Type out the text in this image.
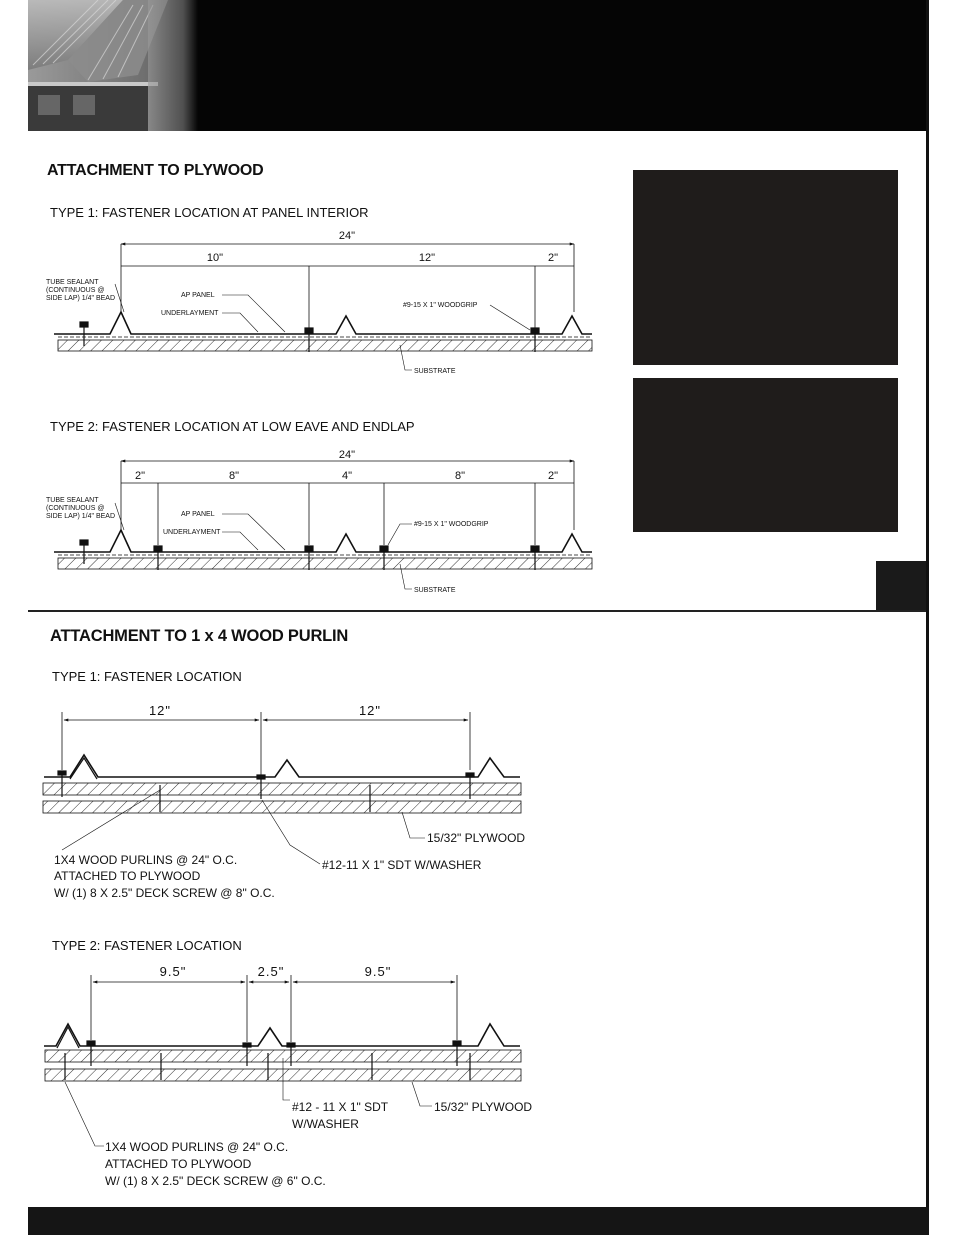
ATTACHMENT TO PLYWOOD
TYPE 1: FASTENER LOCATION AT PANEL INTERIOR
TYPE 2: FASTENER LOCATION AT LOW EAVE AND ENDLAP
ATTACHMENT TO 1 x 4 WOOD PURLIN
TYPE 1: FASTENER LOCATION
TYPE 2: FASTENER LOCATION
24"
10"	12"	2"
TUBE SEALANT
(CONTINUOUS @
SIDE LAP) 1/4" BEAD	AP PANEL
UNDERLAYMENT
#9-15 X 1" WOODGRIP
SUBSTRATE
24"
2"	8"	4"	8"	2"
TUBE SEALANT
(CONTINUOUS @
SIDE LAP) 1/4" BEAD	AP PANEL
UNDERLAYMENT
#9-15 X 1" WOODGRIP
SUBSTRATE
12"	12"
15/32" PLYWOOD
#12-11 X 1" SDT W/WASHER
1X4 WOOD PURLINS @ 24" O.C.
ATTACHED TO PLYWOOD
W/ (1) 8 X 2.5" DECK SCREW @ 8" O.C.
9.5"	2.5"	9.5"
#12 - 11 X 1" SDT
W/WASHER
15/32" PLYWOOD
1X4 WOOD PURLINS @ 24" O.C.
ATTACHED TO PLYWOOD
W/ (1) 8 X 2.5" DECK SCREW @ 6" O.C.
